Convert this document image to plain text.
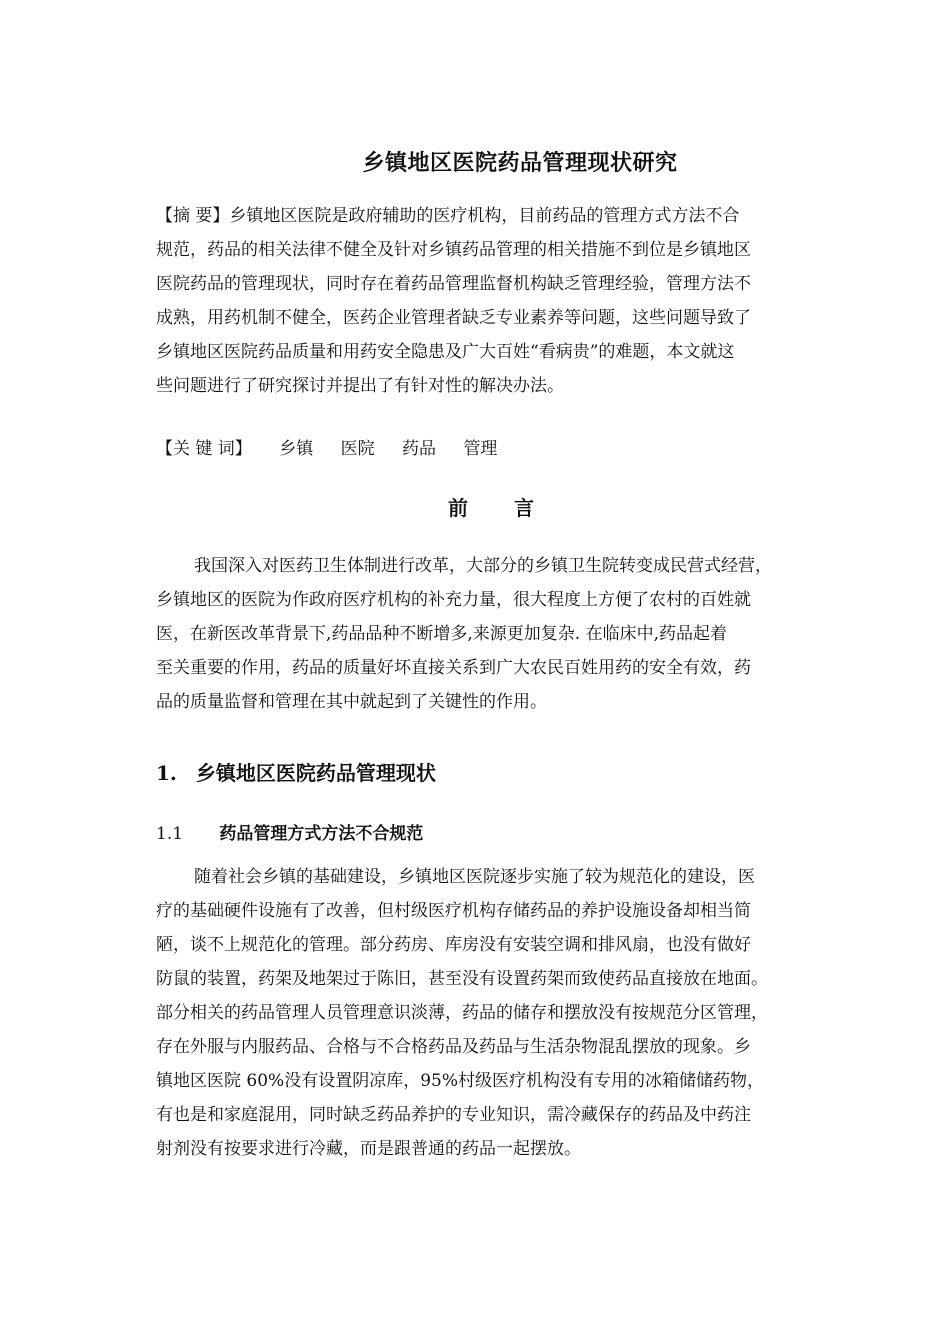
乡镇地区医院药品管理现状研究
【摘 要】乡镇地区医院是政府辅助的医疗机构，目前药品的管理方式方法不合
规范，药品的相关法律不健全及针对乡镇药品管理的相关措施不到位是乡镇地区
医院药品的管理现状，同时存在着药品管理监督机构缺乏管理经验，管理方法不
成熟，用药机制不健全，医药企业管理者缺乏专业素养等问题，这些问题导致了
乡镇地区医院药品质量和用药安全隐患及广大百姓“看病贵”的难题，本文就这
些问题进行了研究探讨并提出了有针对性的解决办法。
【关 键 词】 乡镇 医院 药品 管理
前言
我国深入对医药卫生体制进行改革，大部分的乡镇卫生院转变成民营式经营，
乡镇地区的医院为作政府医疗机构的补充力量，很大程度上方便了农村的百姓就
医，在新医改革背景下,药品品种不断增多,来源更加复杂. 在临床中,药品起着
至关重要的作用，药品的质量好坏直接关系到广大农民百姓用药的安全有效，药
品的质量监督和管理在其中就起到了关键性的作用。
1. 乡镇地区医院药品管理现状
1.1 药品管理方式方法不合规范
随着社会乡镇的基础建设，乡镇地区医院逐步实施了较为规范化的建设，医
疗的基础硬件设施有了改善，但村级医疗机构存储药品的养护设施设备却相当简
陋，谈不上规范化的管理。部分药房、库房没有安装空调和排风扇，也没有做好
防鼠的装置，药架及地架过于陈旧，甚至没有设置药架而致使药品直接放在地面。
部分相关的药品管理人员管理意识淡薄，药品的储存和摆放没有按规范分区管理，
存在外服与内服药品、合格与不合格药品及药品与生活杂物混乱摆放的现象。乡
镇地区医院 60%没有设置阴凉库，95%村级医疗机构没有专用的冰箱储储药物，
有也是和家庭混用，同时缺乏药品养护的专业知识，需冷藏保存的药品及中药注
射剂没有按要求进行冷藏，而是跟普通的药品一起摆放。
